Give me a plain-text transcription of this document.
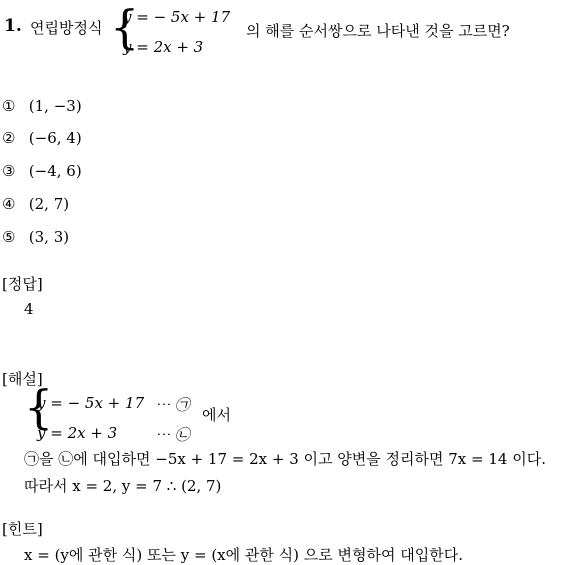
1. 연립방정식 {
y = − 5x + 17
y = 2x + 3
의 해를 순서쌍으로 나타낸 것을 고르면?
① (1, −3)
② (−6, 4)
③ (−4, 6)
④ (2, 7)
⑤ (3, 3)
[정답]
4
[해설]
{
y = − 5x + 17 ⋯ ㉠
y = 2x + 3	⋯ ㉡
에서
㉠을 ㉡에 대입하면 −5x + 17 = 2x + 3 이고 양변을 정리하면 7x = 14 이다.
따라서 x = 2, y = 7 ∴ (2, 7)
[힌트]
x = (y에 관한 식) 또는 y = (x에 관한 식) 으로 변형하여 대입한다.
